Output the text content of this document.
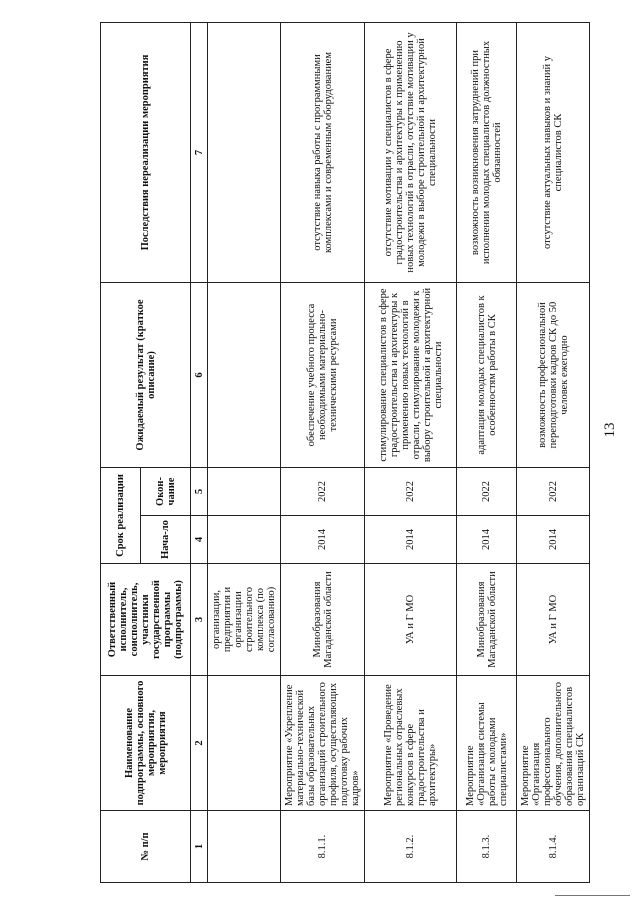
13
№ п/п	Наименование подпрограммы, основного мероприятия, мероприятия	Ответственный исполнитель, соисполнитель, участники государственной программы (подпрограммы)	Срок реализации		Ожидаемый результат (краткое описание)	Последствия нереализации мероприятия
			Нача-ло	Окон-чание		
1	2	3	4	5	6	7
		организации, предприятия и организации строительного комплекса (по согласованию)				
8.1.1.	Мероприятие «Укрепление материально-технической базы образовательных организаций строительного профиля, осуществляющих подготовку рабочих кадров»	Минобразования Магаданской области	2014	2022	обеспечение учебного процесса необходимыми материально-техническими ресурсами	отсутствие навыка работы с программными комплексами и современным оборудованием
8.1.2.	Мероприятие «Проведение региональных отраслевых конкурсов в сфере градостроительства и архитектуры»	УА и Г МО	2014	2022	стимулирование специалистов в сфере градостроительства и архитектуры к применению новых технологий в отрасли, стимулирование молодежи к выбору строительной и архитектурной специальности	отсутствие мотивации у специалистов в сфере градостроительства и архитектуры к применению новых технологий в отрасли, отсутствие мотивации у молодежи в выборе строительной и архитектурной специальности
8.1.3.	Мероприятие «Организация системы работы с молодыми специалистами»	Минобразования Магаданской области	2014	2022	адаптация молодых специалистов к особенностям работы в СК	возможность возникновения затруднений при исполнении молодых специалистов должностных обязанностей
8.1.4.	Мероприятие «Организация профессионального обучения, дополнительного образования специалистов организаций СК	УА и Г МО	2014	2022	возможность профессиональной переподготовки кадров СК до 50 человек ежегодно	отсутствие актуальных навыков и знаний у специалистов СК
